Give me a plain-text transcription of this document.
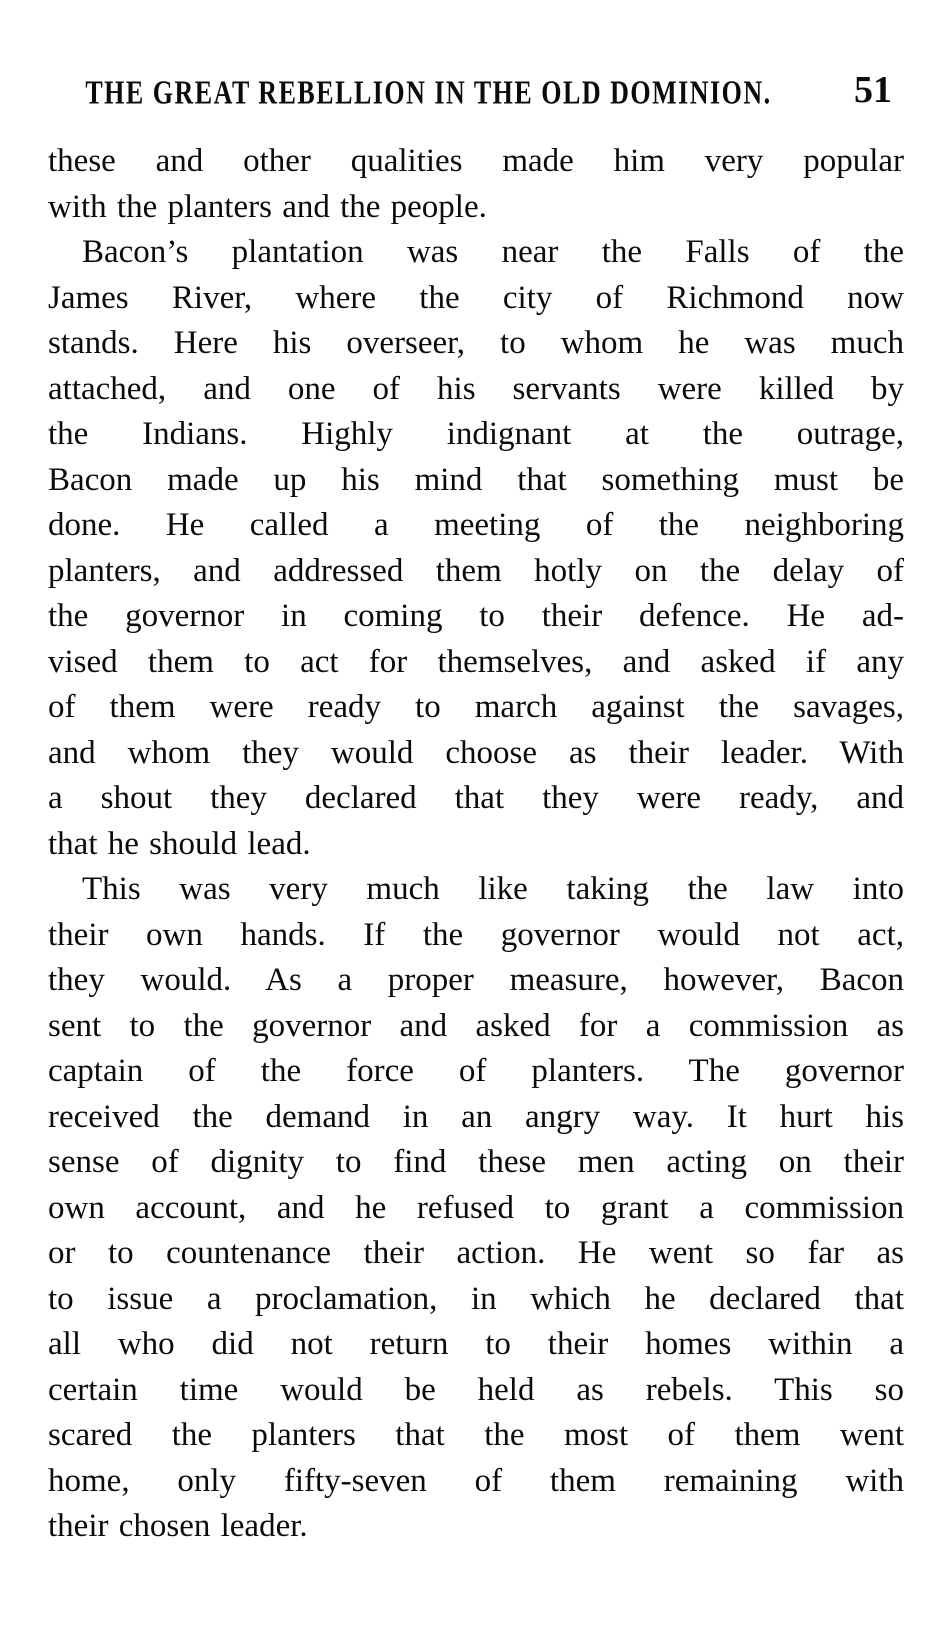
THE GREAT REBELLION IN THE OLD DOMINION.	51
these and other qualities made him very popular
with the planters and the people.
Bacon’s plantation was near the Falls of the
James River, where the city of Richmond now
stands. Here his overseer, to whom he was much
attached, and one of his servants were killed by
the Indians. Highly indignant at the outrage,
Bacon made up his mind that something must be
done. He called a meeting of the neighboring
planters, and addressed them hotly on the delay of
the governor in coming to their defence. He ad-
vised them to act for themselves, and asked if any
of them were ready to march against the savages,
and whom they would choose as their leader. With
a shout they declared that they were ready, and
that he should lead.
This was very much like taking the law into
their own hands. If the governor would not act,
they would. As a proper measure, however, Bacon
sent to the governor and asked for a commission as
captain of the force of planters. The governor
received the demand in an angry way. It hurt his
sense of dignity to find these men acting on their
own account, and he refused to grant a commission
or to countenance their action. He went so far as
to issue a proclamation, in which he declared that
all who did not return to their homes within a
certain time would be held as rebels. This so
scared the planters that the most of them went
home, only fifty-seven of them remaining with
their chosen leader.
